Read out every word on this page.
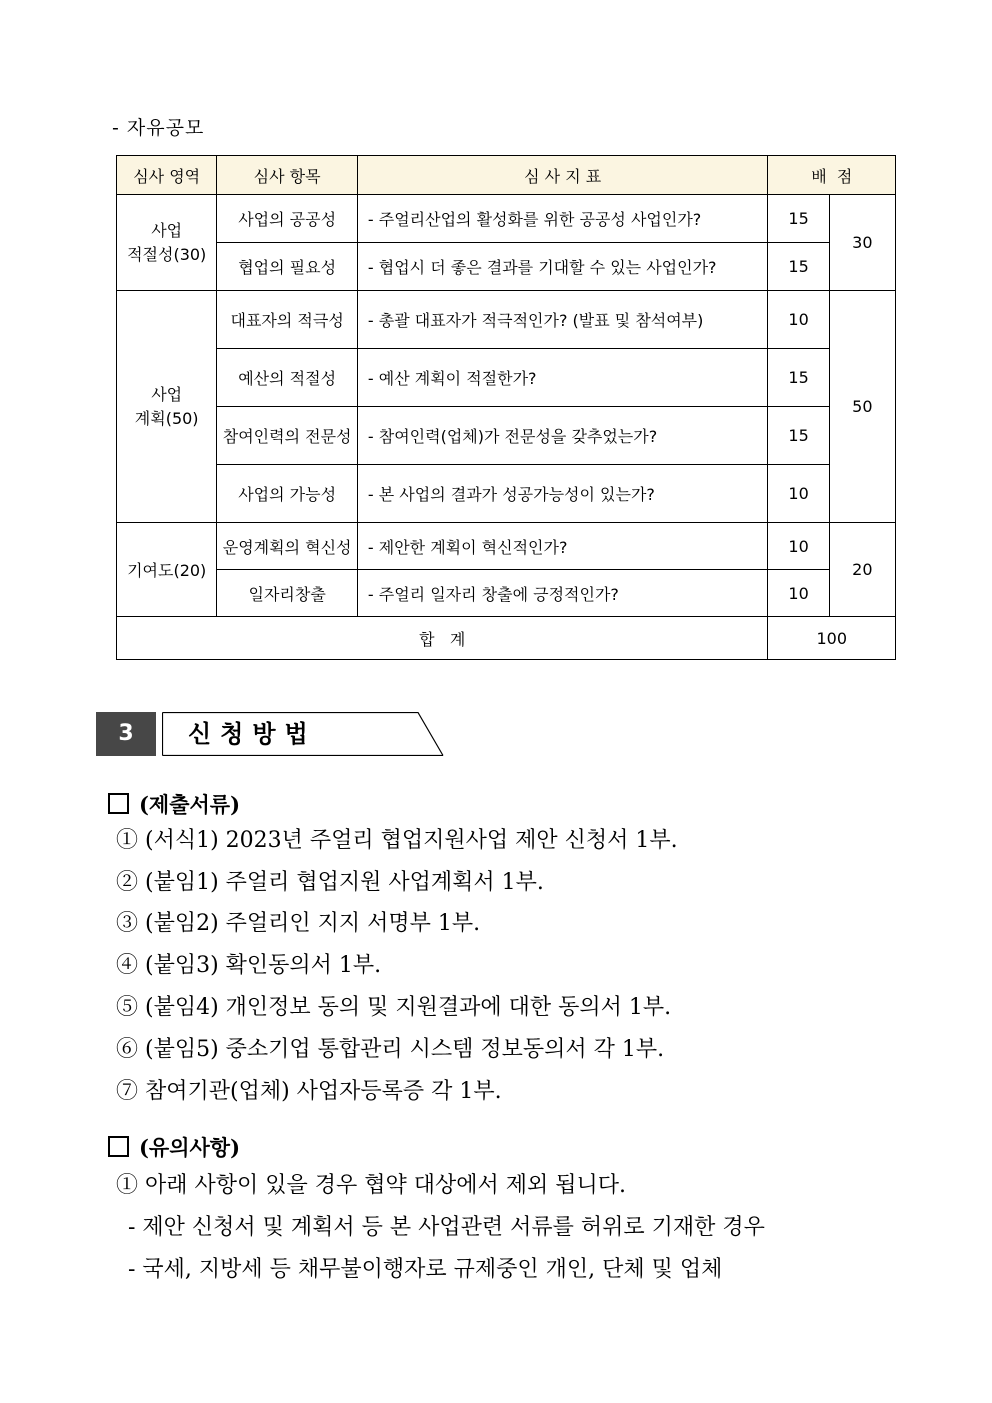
- 자유공모
심사 영역	심사 항목	심 사 지 표	배  점	
사업
적절성(30)	사업의 공공성	- 주얼리산업의 활성화를 위한 공공성 사업인가?	15	30
	협업의 필요성	- 협업시 더 좋은 결과를 기대할 수 있는 사업인가?	15	
사업
계획(50)	대표자의 적극성	- 총괄 대표자가 적극적인가? (발표 및 참석여부)	10	50
	예산의 적절성	- 예산 계획이 적절한가?	15	
	참여인력의 전문성	- 참여인력(업체)가 전문성을 갖추었는가?	15	
	사업의 가능성	- 본 사업의 결과가 성공가능성이 있는가?	10	
기여도(20)	운영계획의 혁신성	- 제안한 계획이 혁신적인가?	10	20
	일자리창출	- 주얼리 일자리 창출에 긍정적인가?	10	
합   계			100	
3	신청방법
(제출서류)
① (서식1) 2023년 주얼리 협업지원사업 제안 신청서 1부.
② (붙임1) 주얼리 협업지원 사업계획서 1부.
③ (붙임2) 주얼리인 지지 서명부 1부.
④ (붙임3) 확인동의서 1부.
⑤ (붙임4) 개인정보 동의 및 지원결과에 대한 동의서 1부.
⑥ (붙임5) 중소기업 통합관리 시스템 정보동의서 각 1부.
⑦ 참여기관(업체) 사업자등록증 각 1부.
(유의사항)
① 아래 사항이 있을 경우 협약 대상에서 제외 됩니다.
- 제안 신청서 및 계획서 등 본 사업관련 서류를 허위로 기재한 경우
- 국세, 지방세 등 채무불이행자로 규제중인 개인, 단체 및 업체
